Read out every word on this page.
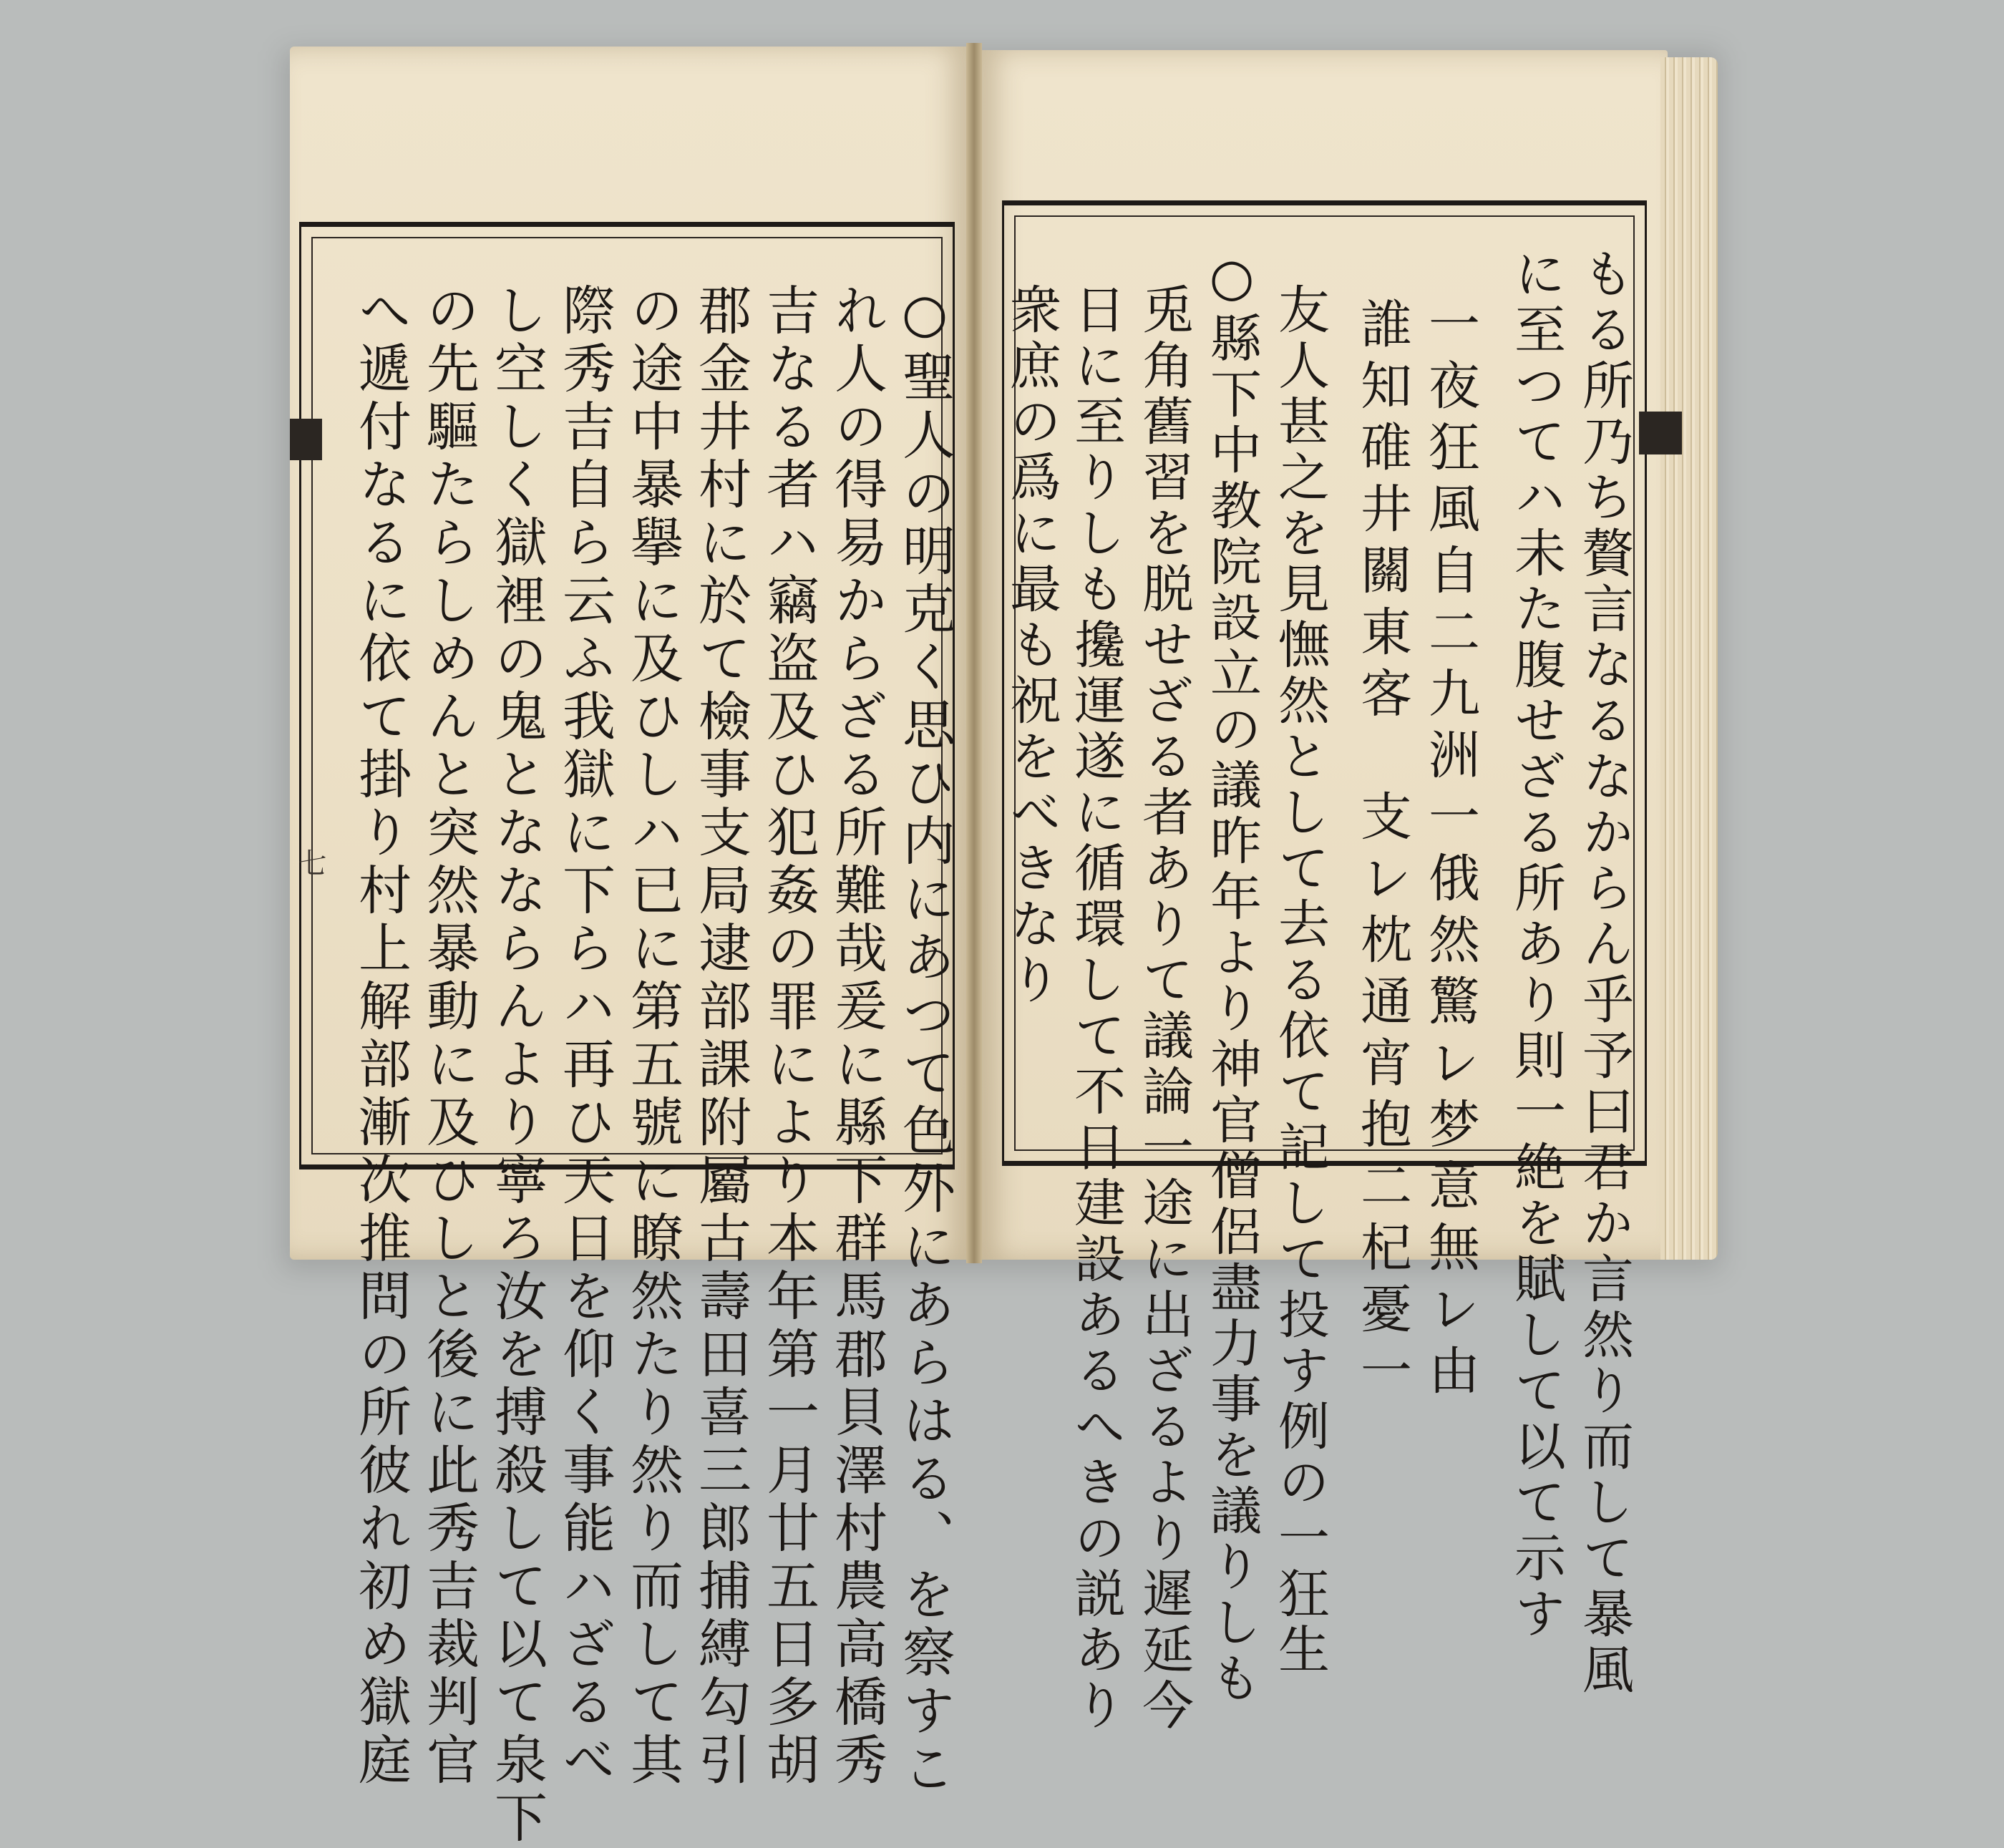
七	○聖人の明克く思ひ内にあつて色外にあらはる、を察すこ
れ人の得易からざる所難哉爰に縣下群馬郡貝澤村農高橋秀
吉なる者ハ竊盗及ひ犯姦の罪により本年第一月廿五日多胡
郡金井村に於て檢事支局逮部課附屬古壽田喜三郎捕縛勾引
の途中暴擧に及ひしハ已に第五號に瞭然たり然り而して其
際秀吉自ら云ふ我獄に下らハ再ひ天日を仰く事能ハざるべ
し空しく獄裡の鬼となならんより寧ろ汝を搏殺して以て泉下
の先驅たらしめんと突然暴動に及ひしと後に此秀吉裁判官
へ遞付なるに依て掛り村上解部漸次推問の所彼れ初め獄庭	もる所乃ち贅言なるなからん乎予曰君か言然り而して暴風
に至つてハ未た腹せざる所あり則一絶を賦して以て示す
一夜狂風自二九洲一俄然驚レ梦意無レ由
誰知碓井關東客　支レ枕通宵抱二杞憂一
友人甚之を見憮然として去る依て記して投す例の一狂生
○縣下中教院設立の議昨年より神官僧侶盡力事を議りしも
兎角舊習を脱せざる者ありて議論一途に出ざるより遲延今
日に至りしも攙運遂に循環して不日建設あるへきの説あり
衆庶の爲に最も祝をべきなり
